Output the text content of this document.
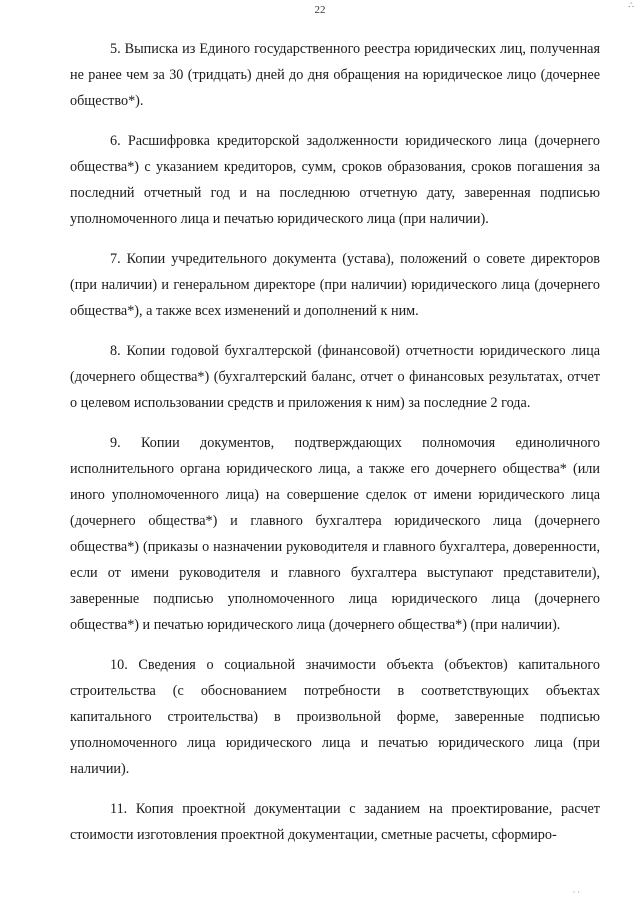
22	∴

5. Выписка из Единого государственного реестра юридических лиц, полученная не ранее чем за 30 (тридцать) дней до дня обращения на юридическое лицо (дочернее общество*).

6. Расшифровка кредиторской задолженности юридического лица (дочернего общества*) с указанием кредиторов, сумм, сроков образования, сроков погашения за последний отчетный год и на последнюю отчетную дату, заверенная подписью уполномоченного лица и печатью юридического лица (при наличии).

7. Копии учредительного документа (устава), положений о совете директоров (при наличии) и генеральном директоре (при наличии) юридического лица (дочернего общества*), а также всех изменений и дополнений к ним.

8. Копии годовой бухгалтерской (финансовой) отчетности юридического лица (дочернего общества*) (бухгалтерский баланс, отчет о финансовых результатах, отчет о целевом использовании средств и приложения к ним) за последние 2 года.

9. Копии документов, подтверждающих полномочия единоличного исполнительного органа юридического лица, а также его дочернего общества* (или иного уполномоченного лица) на совершение сделок от имени юридического лица (дочернего общества*) и главного бухгалтера юридического лица (дочернего общества*) (приказы о назначении руководителя и главного бухгалтера, доверенности, если от имени руководителя и главного бухгалтера выступают представители), заверенные подписью уполномоченного лица юридического лица (дочернего общества*) и печатью юридического лица (дочернего общества*) (при наличии).

10. Сведения о социальной значимости объекта (объектов) капитального строительства (с обоснованием потребности в соответствующих объектах капитального строительства) в произвольной форме, заверенные подписью уполномоченного лица юридического лица и печатью юридического лица (при наличии).

11. Копия проектной документации с заданием на проектирование, расчет стоимости изготовления проектной документации, сметные расчеты, сформиро-

· ·
